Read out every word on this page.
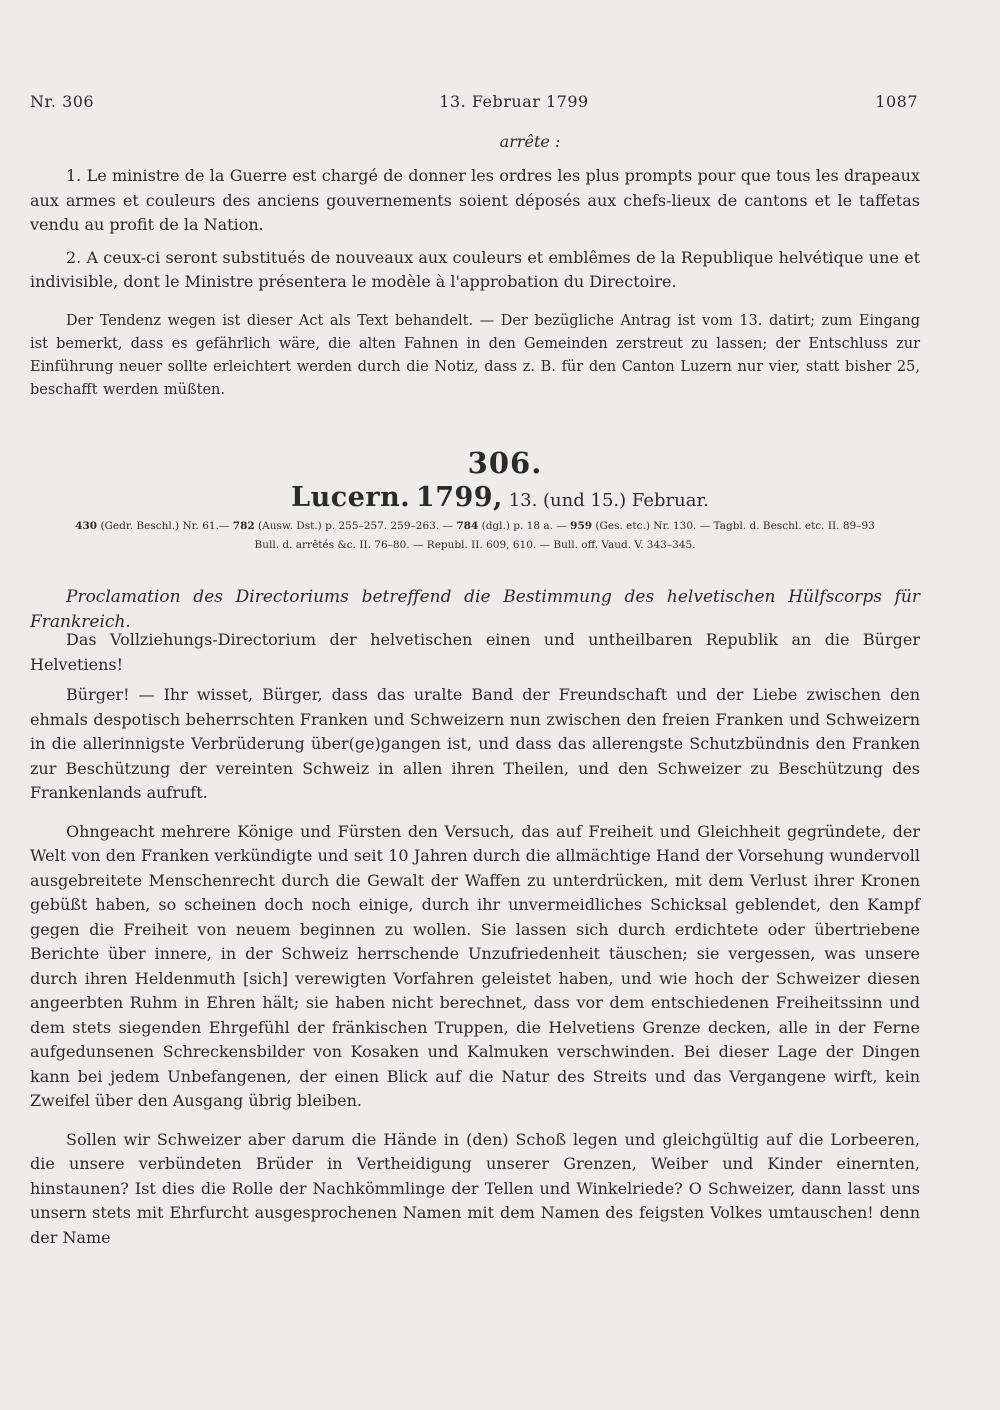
Nr. 306	13. Februar 1799	1087
arrête :

1. Le ministre de la Guerre est chargé de donner les ordres les plus prompts pour que tous les drapeaux aux armes et couleurs des anciens gouvernements soient déposés aux chefs-lieux de cantons et le taffetas vendu au profit de la Nation.

2. A ceux-ci seront substitués de nouveaux aux couleurs et emblêmes de la Republique helvétique une et indivisible, dont le Ministre présentera le modèle à l'approbation du Directoire.

Der Tendenz wegen ist dieser Act als Text behandelt. — Der bezügliche Antrag ist vom 13. datirt; zum Eingang ist bemerkt, dass es gefährlich wäre, die alten Fahnen in den Gemeinden zerstreut zu lassen; der Entschluss zur Einführung neuer sollte erleichtert werden durch die Notiz, dass z. B. für den Canton Luzern nur vier, statt bisher 25, beschafft werden müßten.

306.
Lucern. 1799, 13. (und 15.) Februar.
430 (Gedr. Beschl.) Nr. 61.— 782 (Ausw. Dst.) p. 255–257. 259–263. — 784 (dgl.) p. 18 a. — 959 (Ges. etc.) Nr. 130. — Tagbl. d. Beschl. etc. II. 89–93
Bull. d. arrêtés &c. II. 76–80. — Republ. II. 609, 610. — Bull. off. Vaud. V. 343–345.

Proclamation des Directoriums betreffend die Bestimmung des helvetischen Hülfscorps für Frankreich.

Das Vollziehungs-Directorium der helvetischen einen und untheilbaren Republik an die Bürger Helvetiens!

Bürger! — Ihr wisset, Bürger, dass das uralte Band der Freundschaft und der Liebe zwischen den ehmals despotisch beherrschten Franken und Schweizern nun zwischen den freien Franken und Schweizern in die allerinnigste Verbrüderung über(ge)gangen ist, und dass das allerengste Schutzbündnis den Franken zur Beschützung der vereinten Schweiz in allen ihren Theilen, und den Schweizer zu Beschützung des Frankenlands aufruft.

Ohngeacht mehrere Könige und Fürsten den Versuch, das auf Freiheit und Gleichheit gegründete, der Welt von den Franken verkündigte und seit 10 Jahren durch die allmächtige Hand der Vorsehung wundervoll ausgebreitete Menschenrecht durch die Gewalt der Waffen zu unterdrücken, mit dem Verlust ihrer Kronen gebüßt haben, so scheinen doch noch einige, durch ihr unvermeidliches Schicksal geblendet, den Kampf gegen die Freiheit von neuem beginnen zu wollen. Sie lassen sich durch erdichtete oder übertriebene Berichte über innere, in der Schweiz herrschende Unzufriedenheit täuschen; sie vergessen, was unsere durch ihren Heldenmuth [sich] verewigten Vorfahren geleistet haben, und wie hoch der Schweizer diesen angeerbten Ruhm in Ehren hält; sie haben nicht berechnet, dass vor dem entschiedenen Freiheitssinn und dem stets siegenden Ehrgefühl der fränkischen Truppen, die Helvetiens Grenze decken, alle in der Ferne aufgedunsenen Schreckensbilder von Kosaken und Kalmuken verschwinden. Bei dieser Lage der Dingen kann bei jedem Unbefangenen, der einen Blick auf die Natur des Streits und das Vergangene wirft, kein Zweifel über den Ausgang übrig bleiben.

Sollen wir Schweizer aber darum die Hände in (den) Schoß legen und gleichgültig auf die Lorbeeren, die unsere verbündeten Brüder in Vertheidigung unserer Grenzen, Weiber und Kinder einernten, hinstaunen? Ist dies die Rolle der Nachkömmlinge der Tellen und Winkelriede? O Schweizer, dann lasst uns unsern stets mit Ehrfurcht ausgesprochenen Namen mit dem Namen des feigsten Volkes umtauschen! denn der Name
